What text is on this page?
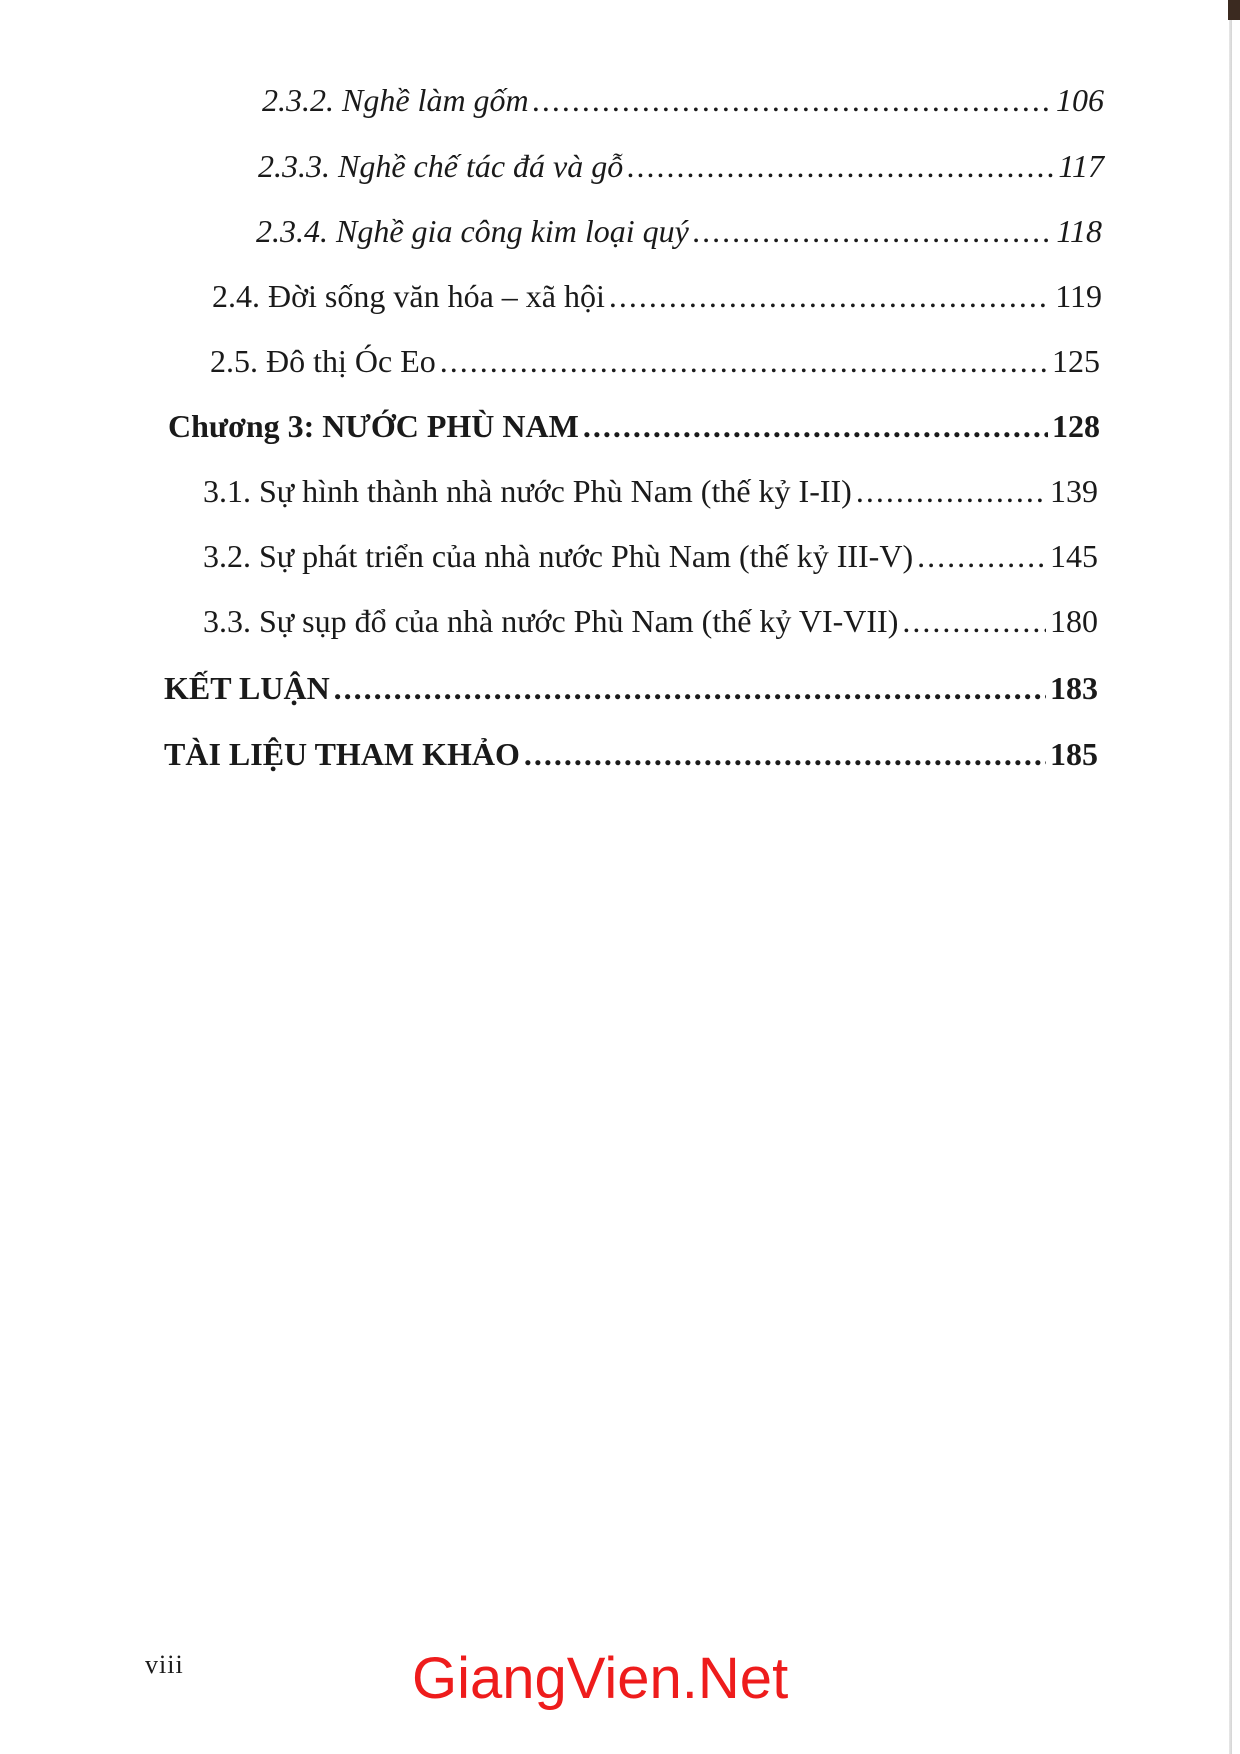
2.3.2. Nghề làm gốm .....	106
2.3.3. Nghề chế tác đá và gỗ .....	117
2.3.4. Nghề gia công kim loại quý .....	118
2.4. Đời sống văn hóa – xã hội .....	119
2.5. Đô thị Óc Eo .....	125
Chương 3: NƯỚC PHÙ NAM .....	128
3.1. Sự hình thành nhà nước Phù Nam (thế kỷ I-II) .....	139
3.2. Sự phát triển của nhà nước Phù Nam (thế kỷ III-V) .....	145
3.3. Sự sụp đổ của nhà nước Phù Nam (thế kỷ VI-VII) .....	180
KẾT LUẬN .....	183
TÀI LIỆU THAM KHẢO .....	185
viii	GiangVien.Net
